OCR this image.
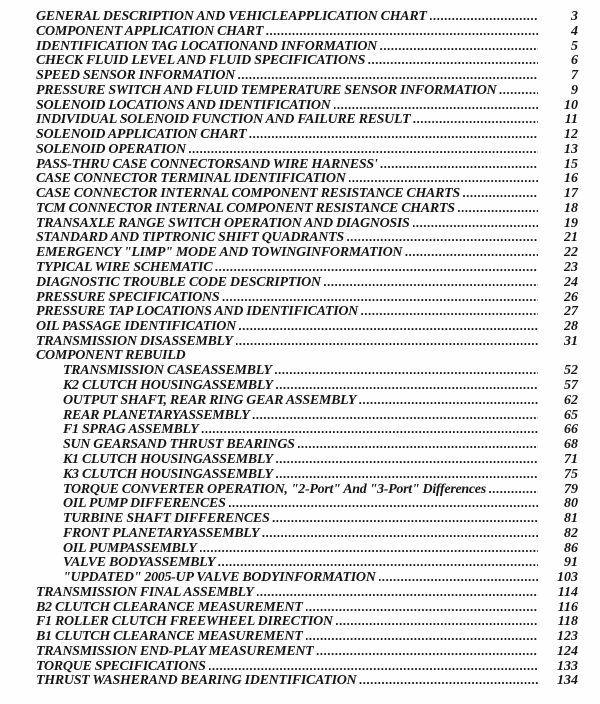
GENERAL DESCRIPTION AND VEHICLEAPPLICATION CHART .....	3
COMPONENT APPLICATION CHART .....	4
IDENTIFICATION TAG LOCATIONAND INFORMATION .....	5
CHECK FLUID LEVEL AND FLUID SPECIFICATIONS .....	6
SPEED SENSOR INFORMATION .....	7
PRESSURE SWITCH AND FLUID TEMPERATURE SENSOR INFORMATION .....	9
SOLENOID LOCATIONS AND IDENTIFICATION .....	10
INDIVIDUAL SOLENOID FUNCTION AND FAILURE RESULT .....	11
SOLENOID APPLICATION CHART .....	12
SOLENOID OPERATION .....	13
PASS-THRU CASE CONNECTORSAND WIRE HARNESS' .....	15
CASE CONNECTOR TERMINAL IDENTIFICATION .....	16
CASE CONNECTOR INTERNAL COMPONENT RESISTANCE CHARTS .....	17
TCM CONNECTOR INTERNAL COMPONENT RESISTANCE CHARTS .....	18
TRANSAXLE RANGE SWITCH OPERATION AND DIAGNOSIS .....	19
STANDARD AND TIPTRONIC SHIFT QUADRANTS .....	21
EMERGENCY "LIMP" MODE AND TOWINGINFORMATION .....	22
TYPICAL WIRE SCHEMATIC .....	23
DIAGNOSTIC TROUBLE CODE DESCRIPTION .....	24
PRESSURE SPECIFICATIONS .....	26
PRESSURE TAP LOCATIONS AND IDENTIFICATION .....	27
OIL PASSAGE IDENTIFICATION .....	28
TRANSMISSION DISASSEMBLY .....	31
COMPONENT REBUILD
TRANSMISSION CASEASSEMBLY .....	52
K2 CLUTCH HOUSINGASSEMBLY .....	57
OUTPUT SHAFT, REAR RING GEAR ASSEMBLY .....	62
REAR PLANETARYASSEMBLY .....	65
F1 SPRAG ASSEMBLY .....	66
SUN GEARSAND THRUST BEARINGS .....	68
K1 CLUTCH HOUSINGASSEMBLY .....	71
K3 CLUTCH HOUSINGASSEMBLY .....	75
TORQUE CONVERTER OPERATION, "2-Port" And "3-Port" Differences .....	79
OIL PUMP DIFFERENCES .....	80
TURBINE SHAFT DIFFERENCES .....	81
FRONT PLANETARYASSEMBLY .....	82
OIL PUMPASSEMBLY .....	86
VALVE BODYASSEMBLY .....	91
"UPDATED" 2005-UP VALVE BODYINFORMATION .....	103
TRANSMISSION FINAL ASSEMBLY .....	114
B2 CLUTCH CLEARANCE MEASUREMENT .....	116
F1 ROLLER CLUTCH FREEWHEEL DIRECTION .....	118
B1 CLUTCH CLEARANCE MEASUREMENT .....	123
TRANSMISSION END-PLAY MEASUREMENT .....	124
TORQUE SPECIFICATIONS .....	133
THRUST WASHERAND BEARING IDENTIFICATION .....	134
